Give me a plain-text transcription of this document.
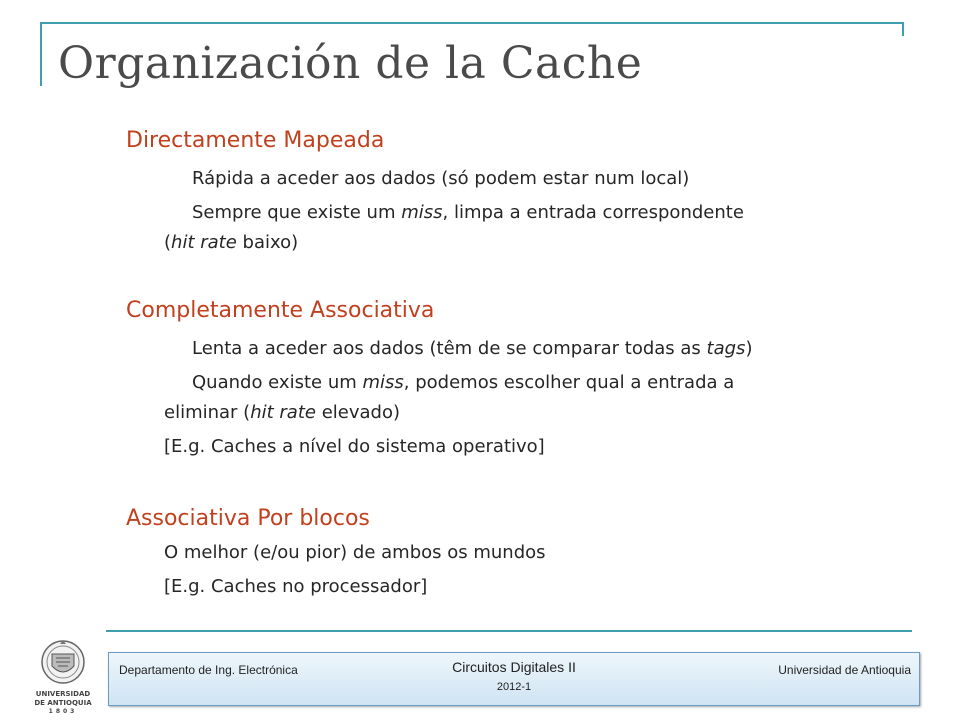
Organización de la Cache
Directamente Mapeada
Rápida a aceder aos dados (só podem estar num local)
Sempre que existe um miss, limpa a entrada correspondente
(hit rate baixo)
Completamente Associativa
Lenta a aceder aos dados (têm de se comparar todas as tags)
Quando existe um miss, podemos escolher qual a entrada a
eliminar (hit rate elevado)
[E.g. Caches a nível do sistema operativo]
Associativa Por blocos
O melhor (e/ou pior) de ambos os mundos
[E.g. Caches no processador]
UNIVERSIDAD
DE ANTIOQUIA
1803
Departamento de Ing. Electrónica	Circuitos Digitales II
2012-1
Universidad de Antioquia
